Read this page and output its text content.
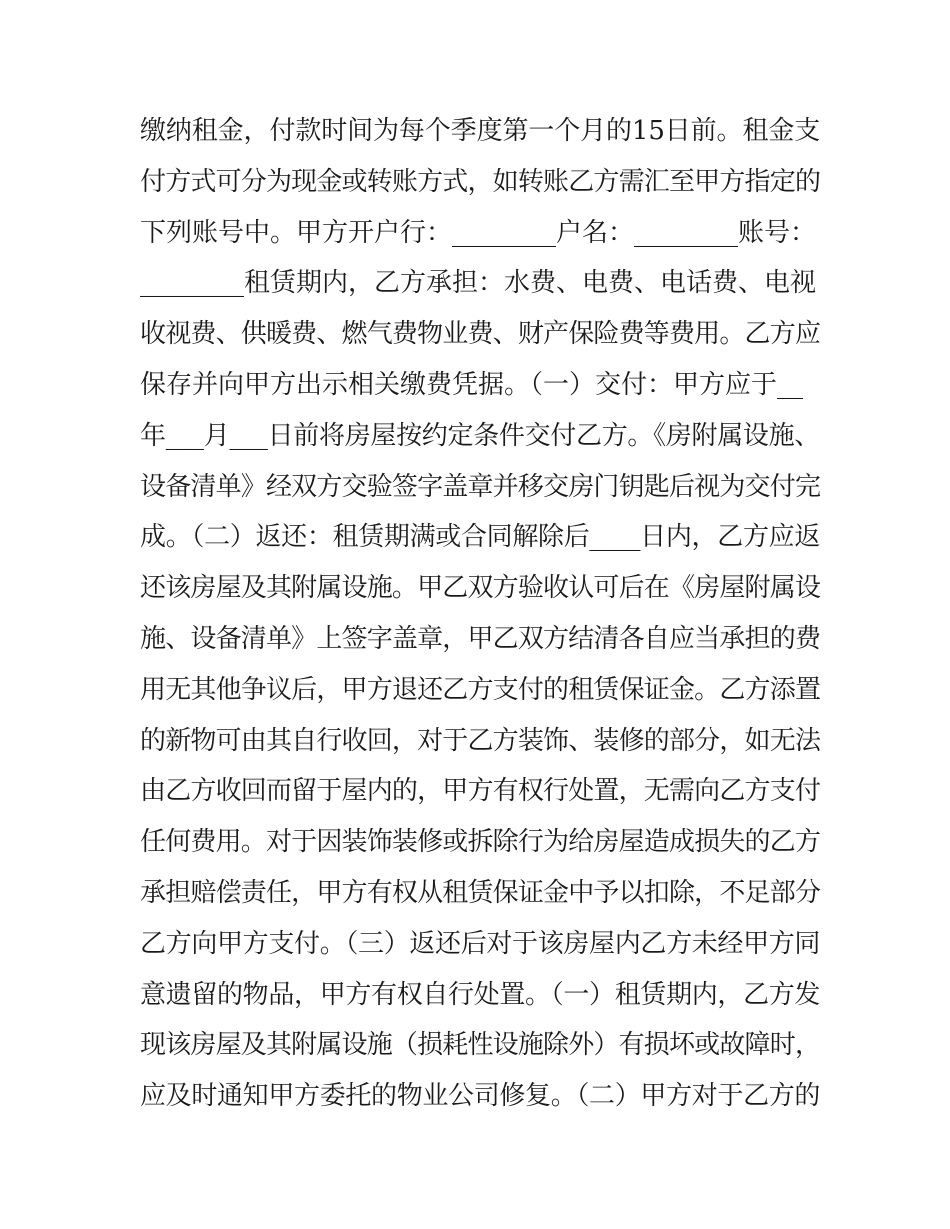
缴纳租金，付款时间为每个季度第一个月的15日前。租金支
付方式可分为现金或转账方式，如转账乙方需汇至甲方指定的
下列账号中。甲方开户行：________户名：________账号：
________租赁期内，乙方承担：水费、电费、电话费、电视
收视费、供暖费、燃气费物业费、财产保险费等费用。乙方应
保存并向甲方出示相关缴费凭据。（一）交付：甲方应于__
年___月___日前将房屋按约定条件交付乙方。《房附属设施、
设备清单》经双方交验签字盖章并移交房门钥匙后视为交付完
成。（二）返还：租赁期满或合同解除后____日内，乙方应返
还该房屋及其附属设施。甲乙双方验收认可后在《房屋附属设
施、设备清单》上签字盖章，甲乙双方结清各自应当承担的费
用无其他争议后，甲方退还乙方支付的租赁保证金。乙方添置
的新物可由其自行收回，对于乙方装饰、装修的部分，如无法
由乙方收回而留于屋内的，甲方有权行处置，无需向乙方支付
任何费用。对于因装饰装修或拆除行为给房屋造成损失的乙方
承担赔偿责任，甲方有权从租赁保证金中予以扣除，不足部分
乙方向甲方支付。（三）返还后对于该房屋内乙方未经甲方同
意遗留的物品，甲方有权自行处置。（一）租赁期内，乙方发
现该房屋及其附属设施（损耗性设施除外）有损坏或故障时，
应及时通知甲方委托的物业公司修复。（二）甲方对于乙方的
